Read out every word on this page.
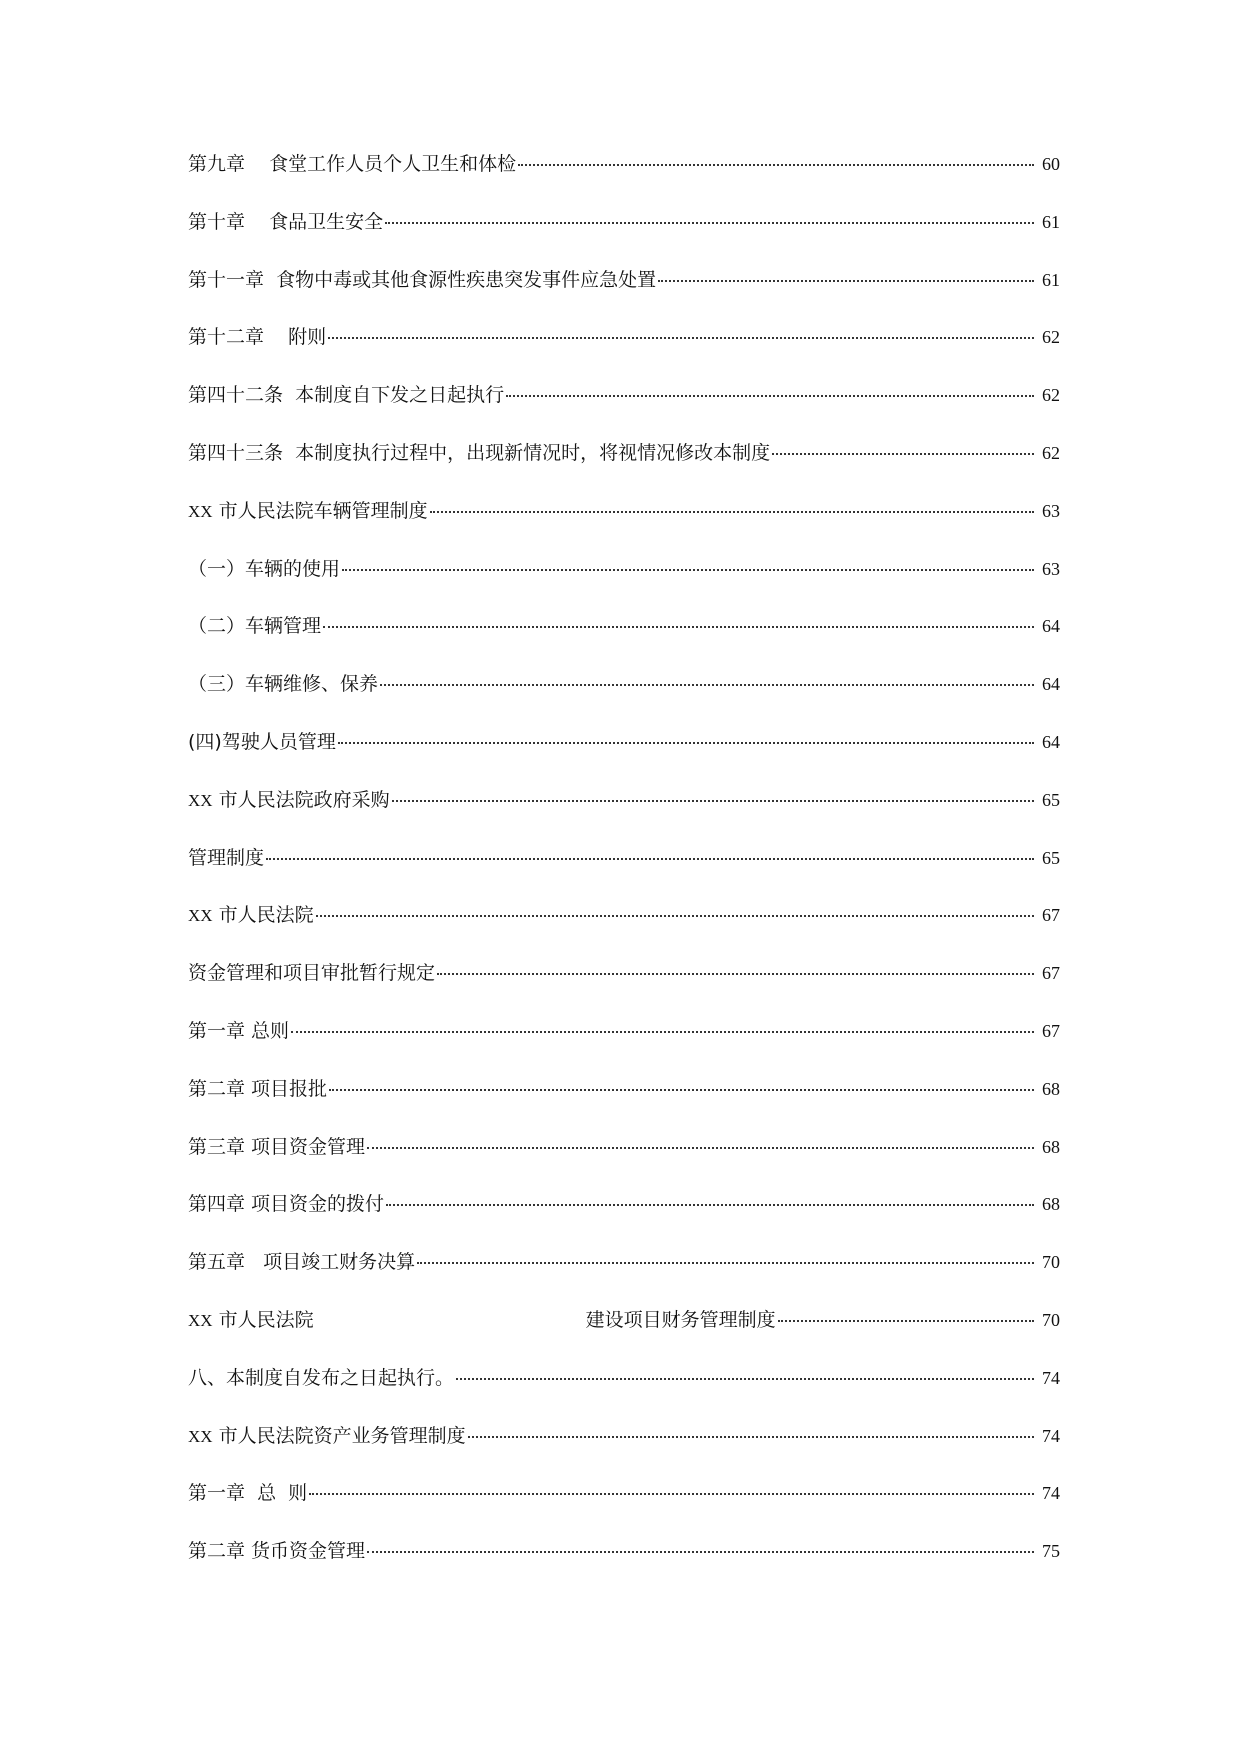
第九章    食堂工作人员个人卫生和体检	60
第十章    食品卫生安全	61
第十一章  食物中毒或其他食源性疾患突发事件应急处置	61
第十二章    附则	62
第四十二条  本制度自下发之日起执行	62
第四十三条  本制度执行过程中，出现新情况时，将视情况修改本制度	62
XX 市人民法院车辆管理制度	63
（一）车辆的使用	63
（二）车辆管理	64
（三）车辆维修、保养	64
(四)驾驶人员管理	64
XX 市人民法院政府采购	65
管理制度	65
XX 市人民法院	67
资金管理和项目审批暂行规定	67
第一章 总则	67
第二章 项目报批	68
第三章 项目资金管理	68
第四章 项目资金的拨付	68
第五章   项目竣工财务决算	70
XX 市人民法院	建设项目财务管理制度	70
八、本制度自发布之日起执行。	74
XX 市人民法院资产业务管理制度	74
第一章  总  则	74
第二章 货币资金管理	75
